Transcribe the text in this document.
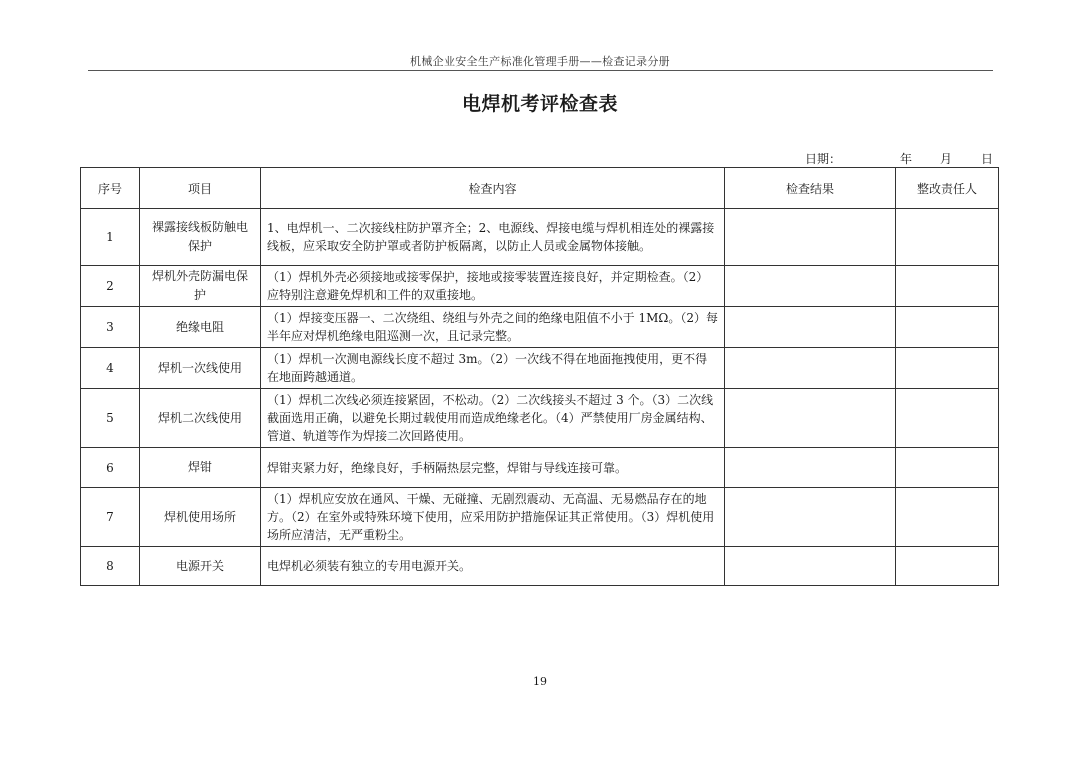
机械企业安全生产标准化管理手册——检查记录分册
电焊机考评检查表
日期：	年 月 日
序号	项目	检查内容	检查结果	整改责任人
1	裸露接线板防触电保护	1、电焊机一、二次接线柱防护罩齐全；2、电源线、焊接电缆与焊机相连处的裸露接线板，应采取安全防护罩或者防护板隔离，以防止人员或金属物体接触。		
2	焊机外壳防漏电保护	（1）焊机外壳必须接地或接零保护，接地或接零装置连接良好，并定期检查。（2）应特别注意避免焊机和工件的双重接地。		
3	绝缘电阻	（1）焊接变压器一、二次绕组、绕组与外壳之间的绝缘电阻值不小于 1MΩ。（2）每半年应对焊机绝缘电阻巡测一次，且记录完整。		
4	焊机一次线使用	（1）焊机一次测电源线长度不超过 3m。（2）一次线不得在地面拖拽使用，更不得在地面跨越通道。		
5	焊机二次线使用	（1）焊机二次线必须连接紧固，不松动。（2）二次线接头不超过 3 个。（3）二次线截面选用正确，以避免长期过载使用而造成绝缘老化。（4）严禁使用厂房金属结构、管道、轨道等作为焊接二次回路使用。		
6	焊钳	焊钳夹紧力好，绝缘良好，手柄隔热层完整，焊钳与导线连接可靠。		
7	焊机使用场所	（1）焊机应安放在通风、干燥、无碰撞、无剧烈震动、无高温、无易燃品存在的地方。（2）在室外或特殊环境下使用，应采用防护措施保证其正常使用。（3）焊机使用场所应清洁，无严重粉尘。		
8	电源开关	电焊机必须装有独立的专用电源开关。		
19
